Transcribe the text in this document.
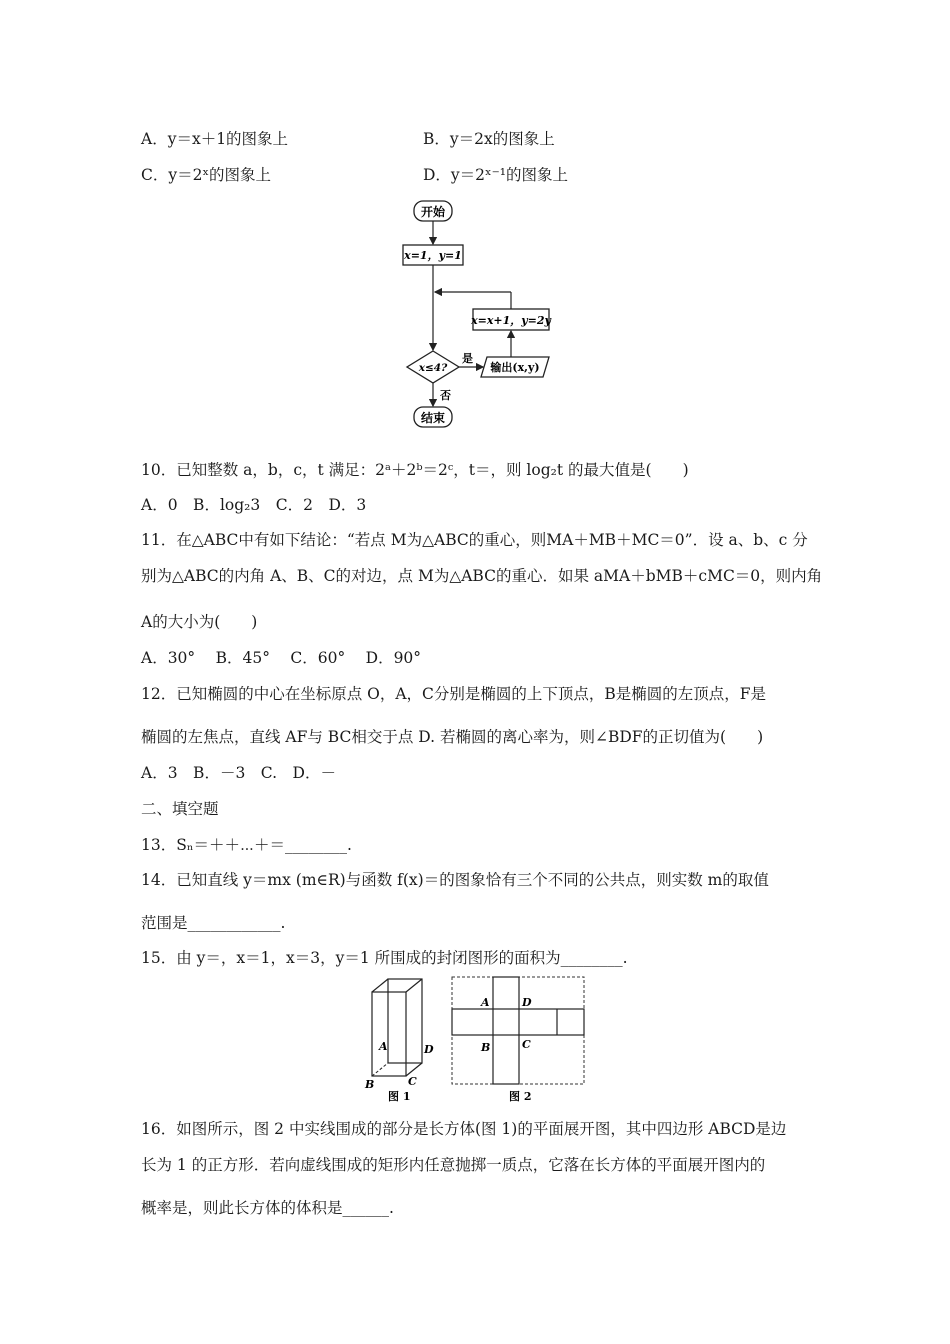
A．y＝x＋1的图象上	B．y＝2x的图象上
C．y＝2ˣ的图象上	D．y＝2ˣ⁻¹的图象上
开始
x=1，y=1
x=x+1，y=2y
x≤4?
是
输出(x,y)
否
结束
10．已知整数 a，b，c，t 满足：2ᵃ＋2ᵇ＝2ᶜ，t＝，则 log₂t 的最大值是(　　)
A．0　B．log₂3　C．2　D．3
11．在△ABC中有如下结论：“若点 M为△ABC的重心，则MA＋MB＋MC＝0”．设 a、b、c 分
别为△ABC的内角 A、B、C的对边，点 M为△ABC的重心．如果 aMA＋bMB＋cMC＝0，则内角
A的大小为(　　)
A．30°　 B．45°　 C．60°　 D．90°
12．已知椭圆的中心在坐标原点 O，A，C分别是椭圆的上下顶点，B是椭圆的左顶点，F是
椭圆的左焦点，直线 AF与 BC相交于点 D. 若椭圆的离心率为，则∠BDF的正切值为(　　)
A．3　B．－3　C.　D．－
二、填空题
13．Sₙ＝＋＋⋯＋＝________.
14．已知直线 y＝mx (m∈R)与函数 f(x)＝的图象恰有三个不同的公共点，则实数 m的取值
范围是____________.
15．由 y＝，x＝1，x＝3，y＝1 所围成的封闭图形的面积为________.
A	D
B	C
图 1
A	D
B	C
图 2
16．如图所示，图 2 中实线围成的部分是长方体(图 1)的平面展开图，其中四边形 ABCD是边
长为 1 的正方形．若向虚线围成的矩形内任意抛掷一质点，它落在长方体的平面展开图内的
概率是，则此长方体的体积是______.
